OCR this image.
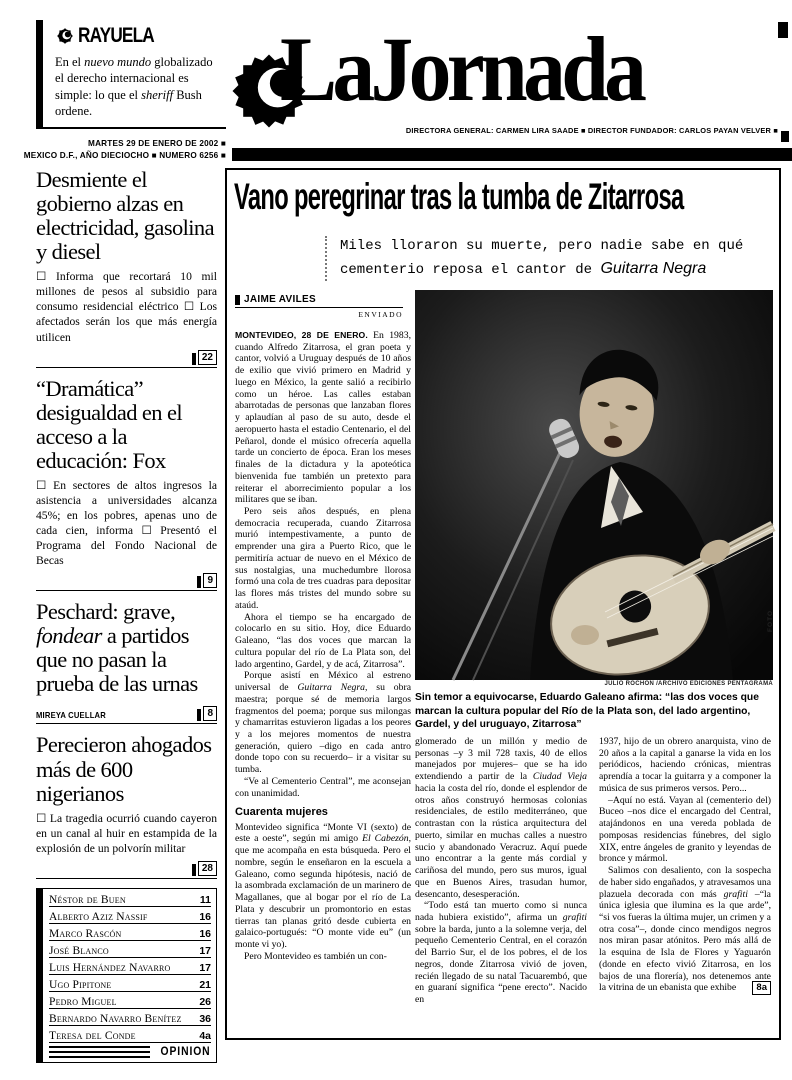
RAYUELA

En el nuevo mundo globalizado el derecho internacional es simple: lo que el sheriff Bush ordene.

MARTES 29 DE ENERO DE 2002 ■
MEXICO D.F., AÑO DIECIOCHO ■ NUMERO 6256 ■
LaJornada
DIRECTORA GENERAL: CARMEN LIRA SAADE ■ DIRECTOR FUNDADOR: CARLOS PAYAN VELVER ■
Desmiente el gobierno alzas en electricidad, gasolina y diesel

☐ Informa que recortará 10 mil millones de pesos al subsidio para consumo residencial eléctrico ☐ Los afectados serán los que más energía utilicen

22
“Dramática” desigualdad en el acceso a la educación: Fox

☐ En sectores de altos ingresos la asistencia a universidades alcanza 45%; en los pobres, apenas uno de cada cien, informa ☐ Presentó el Programa del Fondo Nacional de Becas

9
Peschard: grave, fondear a partidos que no pasan la prueba de las urnas
MIREYA CUELLAR	8
Perecieron ahogados más de 600 nigerianos

☐ La tragedia ocurrió cuando cayeron en un canal al huir en estampida de la explosión de un polvorín militar

28
Néstor de Buen	11
Alberto Aziz Nassif	16
Marco Rascón	16
José Blanco	17
Luis Hernández Navarro	17
Ugo Pipitone	21
Pedro Miguel	26
Bernardo Navarro Benítez 36
Teresa del Conde	4a
OPINION
Vano peregrinar tras la tumba de Zitarrosa
Miles lloraron su muerte, pero nadie sabe en qué cementerio reposa el cantor de Guitarra Negra
JAIME AVILES
ENVIADO

MONTEVIDEO, 28 DE ENERO. En 1983, cuando Alfredo Zitarrosa, el gran poeta y cantor, volvió a Uruguay después de 10 años de exilio que vivió primero en Madrid y luego en México, la gente salió a recibirlo como un héroe. Las calles estaban abarrotadas de personas que lanzaban flores y aplaudían al paso de su auto, desde el aeropuerto hasta el estadio Centenario, el del Peñarol, donde el músico ofrecería aquella tarde un concierto de época. Eran los meses finales de la dictadura y la apoteótica bienvenida fue también un pretexto para reiterar el aborrecimiento popular a los militares que se iban.

Pero seis años después, en plena democracia recuperada, cuando Zitarrosa murió intempestivamente, a punto de emprender una gira a Puerto Rico, que le permitiría actuar de nuevo en el México de sus nostalgias, una muchedumbre llorosa formó una cola de tres cuadras para depositar las flores más tristes del mundo sobre su ataúd.

Ahora el tiempo se ha encargado de colocarlo en su sitio. Hoy, dice Eduardo Galeano, “las dos voces que marcan la cultura popular del río de La Plata son, del lado argentino, Gardel, y de acá, Zitarrosa”.

Porque asistí en México al estreno universal de Guitarra Negra, su obra maestra; porque sé de memoria largos fragmentos del poema; porque sus milongas y chamarritas estuvieron ligadas a los peores y a los mejores momentos de nuestra generación, quiero –digo en cada antro donde topo con su recuerdo– ir a visitar su tumba.

“Ve al Cementerio Central”, me aconsejan con unanimidad.

Cuarenta mujeres

Montevideo significa “Monte VI (sexto) de este a oeste”, según mi amigo El Cabezón, que me acompaña en esta búsqueda. Pero el nombre, según le enseñaron en la escuela a Galeano, como segunda hipótesis, nació de la asombrada exclamación de un marinero de Magallanes, que al bogar por el río de La Plata y descubrir un promontorio en estas tierras tan planas gritó desde cubierta en galaico-portugués: “O monte vide eu” (un monte vi yo).

Pero Montevideo es también un con-

FOTO
JULIO ROCHON /ARCHIVO EDICIONES PENTAGRAMA
Sin temor a equivocarse, Eduardo Galeano afirma: “las dos voces que marcan la cultura popular del Río de la Plata son, del lado argentino, Gardel, y del uruguayo, Zitarrosa”

glomerado de un millón y medio de personas –y 3 mil 728 taxis, 40 de ellos manejados por mujeres– que se ha ido extendiendo a partir de la Ciudad Vieja hacia la costa del río, donde el esplendor de otros años construyó hermosas colonias residenciales, de estilo mediterráneo, que contrastan con la rústica arquitectura del puerto, similar en muchas calles a nuestro sucio y abandonado Veracruz. Aquí puede uno encontrar a la gente más cordial y cariñosa del mundo, pero sus muros, igual que en Buenos Aires, trasudan humor, desencanto, desesperación.

“Todo está tan muerto como si nunca nada hubiera existido”, afirma un grafiti sobre la barda, junto a la solemne verja, del pequeño Cementerio Central, en el corazón del Barrio Sur, el de los pobres, el de los negros, donde Zitarrosa vivió de joven, recién llegado de su natal Tacuarembó, que en guaraní significa “pene erecto”. Nacido en

1937, hijo de un obrero anarquista, vino de 20 años a la capital a ganarse la vida en los periódicos, haciendo crónicas, mientras aprendía a tocar la guitarra y a componer la música de sus primeros versos. Pero...

–Aquí no está. Vayan al (cementerio del) Buceo –nos dice el encargado del Central, atajándonos en una vereda poblada de pomposas residencias fúnebres, del siglo XIX, entre ángeles de granito y leyendas de bronce y mármol.

Salimos con desaliento, con la sospecha de haber sido engañados, y atravesamos una plazuela decorada con más grafiti –“la única iglesia que ilumina es la que arde”, “si vos fueras la última mujer, un crimen y a otra cosa”–, donde cinco mendigos negros nos miran pasar atónitos. Pero más allá de la esquina de Isla de Flores y Yaguarón (donde en efecto vivió Zitarrosa, en los bajos de una florería), nos detenemos ante la vitrina de un ebanista que exhibe	8a
